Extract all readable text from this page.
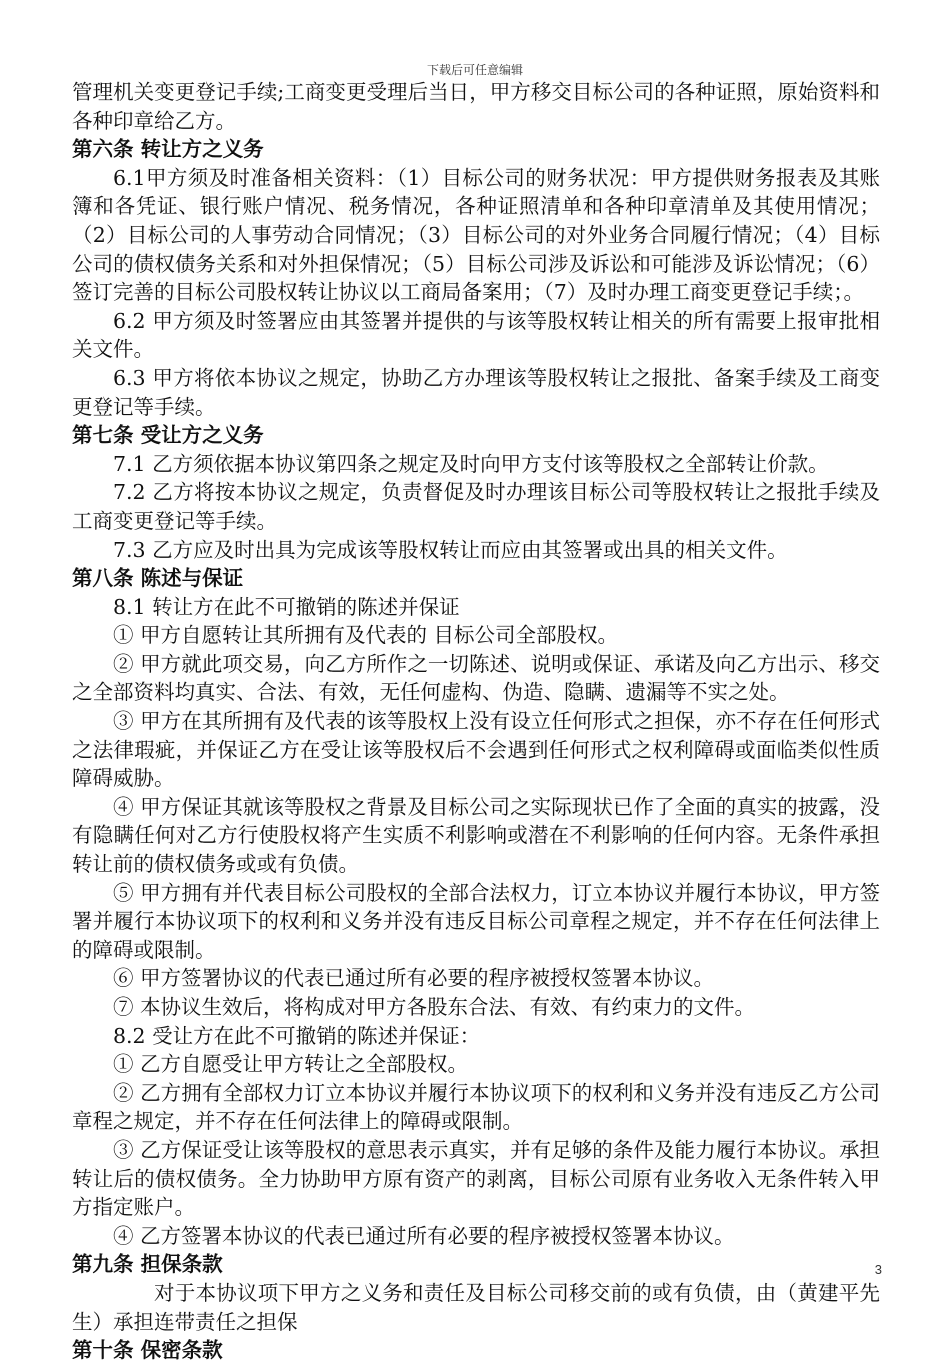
下载后可任意编辑

管理机关变更登记手续;工商变更受理后当日，甲方移交目标公司的各种证照，原始资料和各种印章给乙方。

第六条 转让方之义务

6.1甲方须及时准备相关资料：（1）目标公司的财务状况：甲方提供财务报表及其账簿和各凭证、银行账户情况、税务情况，各种证照清单和各种印章清单及其使用情况；（2）目标公司的人事劳动合同情况；（3）目标公司的对外业务合同履行情况；（4）目标公司的债权债务关系和对外担保情况；（5）目标公司涉及诉讼和可能涉及诉讼情况；（6）签订完善的目标公司股权转让协议以工商局备案用；（7）及时办理工商变更登记手续；。

6.2 甲方须及时签署应由其签署并提供的与该等股权转让相关的所有需要上报审批相关文件。

6.3 甲方将依本协议之规定，协助乙方办理该等股权转让之报批、备案手续及工商变更登记等手续。

第七条 受让方之义务

7.1 乙方须依据本协议第四条之规定及时向甲方支付该等股权之全部转让价款。

7.2 乙方将按本协议之规定，负责督促及时办理该目标公司等股权转让之报批手续及工商变更登记等手续。

7.3 乙方应及时出具为完成该等股权转让而应由其签署或出具的相关文件。

第八条 陈述与保证

8.1 转让方在此不可撤销的陈述并保证

① 甲方自愿转让其所拥有及代表的 目标公司全部股权。

② 甲方就此项交易，向乙方所作之一切陈述、说明或保证、承诺及向乙方出示、移交之全部资料均真实、合法、有效，无任何虚构、伪造、隐瞒、遗漏等不实之处。

③ 甲方在其所拥有及代表的该等股权上没有设立任何形式之担保，亦不存在任何形式之法律瑕疵，并保证乙方在受让该等股权后不会遇到任何形式之权利障碍或面临类似性质障碍威胁。

④ 甲方保证其就该等股权之背景及目标公司之实际现状已作了全面的真实的披露，没有隐瞒任何对乙方行使股权将产生实质不利影响或潜在不利影响的任何内容。无条件承担转让前的债权债务或或有负债。

⑤ 甲方拥有并代表目标公司股权的全部合法权力，订立本协议并履行本协议，甲方签署并履行本协议项下的权利和义务并没有违反目标公司章程之规定，并不存在任何法律上的障碍或限制。

⑥ 甲方签署协议的代表已通过所有必要的程序被授权签署本协议。

⑦ 本协议生效后，将构成对甲方各股东合法、有效、有约束力的文件。

8.2 受让方在此不可撤销的陈述并保证：

① 乙方自愿受让甲方转让之全部股权。

② 乙方拥有全部权力订立本协议并履行本协议项下的权利和义务并没有违反乙方公司章程之规定，并不存在任何法律上的障碍或限制。

③ 乙方保证受让该等股权的意思表示真实，并有足够的条件及能力履行本协议。承担转让后的债权债务。全力协助甲方原有资产的剥离，目标公司原有业务收入无条件转入甲方指定账户。

④ 乙方签署本协议的代表已通过所有必要的程序被授权签署本协议。

第九条 担保条款

对于本协议项下甲方之义务和责任及目标公司移交前的或有负债，由（黄建平先生）承担连带责任之担保

第十条 保密条款

3
